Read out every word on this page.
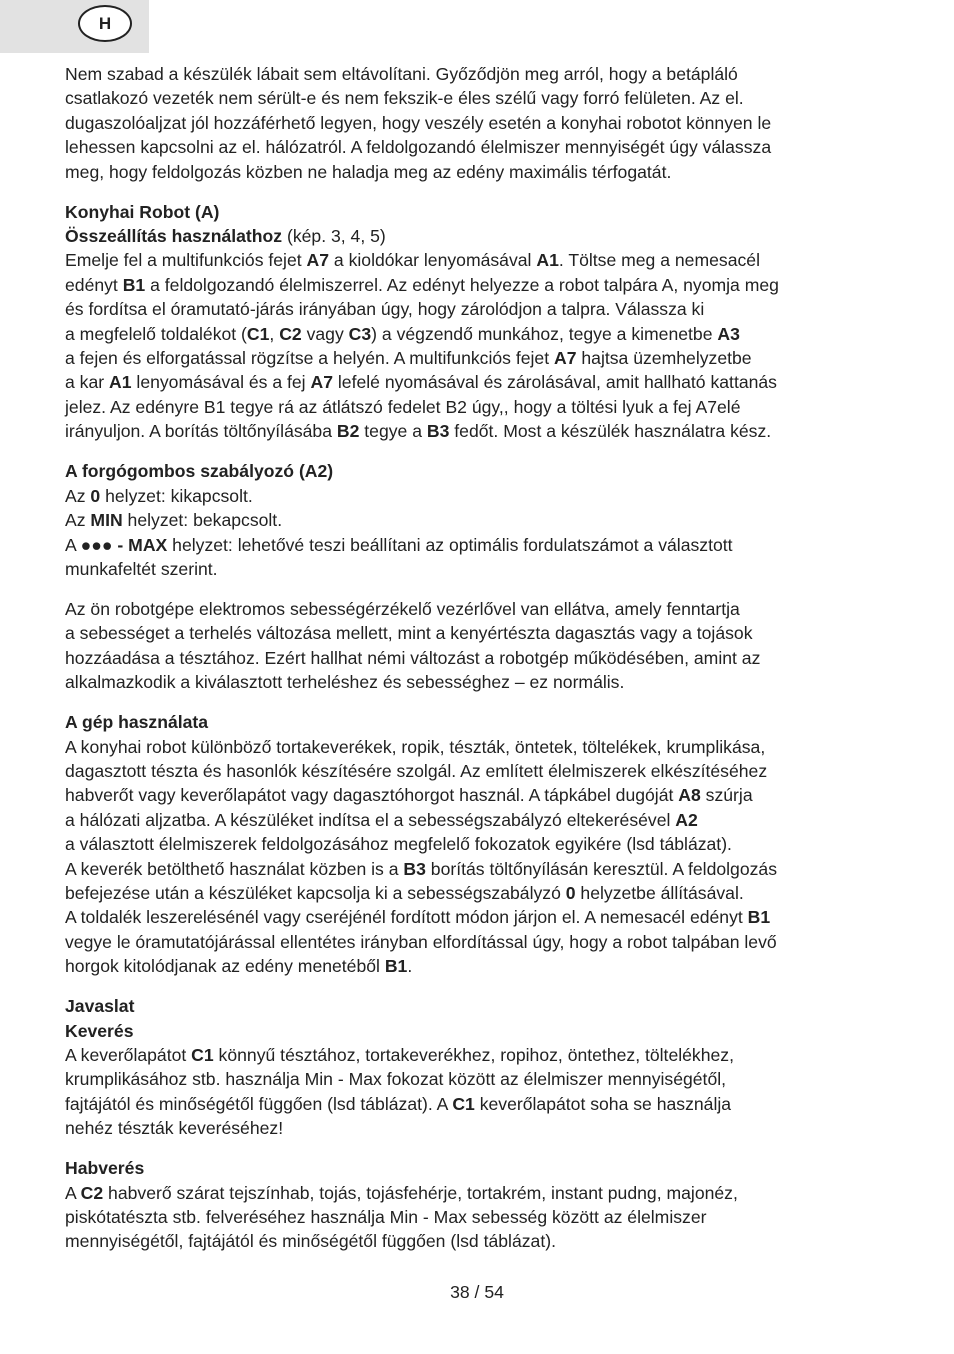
H

Nem szabad a készülék lábait sem eltávolítani. Győződjön meg arról, hogy a betápláló
csatlakozó vezeték nem sérült-e és nem fekszik-e éles szélű vagy forró felületen. Az el.
dugaszolóaljzat jól hozzáférhető legyen, hogy veszély esetén a konyhai robotot könnyen le
lehessen kapcsolni az el. hálózatról. A feldolgozandó élelmiszer mennyiségét úgy válassza
meg, hogy feldolgozás közben ne haladja meg az edény maximális térfogatát.

Konyhai Robot (A)
Összeállítás használathoz (kép. 3, 4, 5)
Emelje fel a multifunkciós fejet A7 a kioldókar lenyomásával A1. Töltse meg a nemesacél
edényt B1 a feldolgozandó élelmiszerrel. Az edényt helyezze a robot talpára A, nyomja meg
és fordítsa el óramutató-járás irányában úgy, hogy zárolódjon a talpra. Válassza ki
a megfelelő toldalékot (C1, C2 vagy C3) a végzendő munkához, tegye a kimenetbe A3
a fejen és elforgatással rögzítse a helyén. A multifunkciós fejet A7 hajtsa üzemhelyzetbe
a kar A1 lenyomásával és a fej A7 lefelé nyomásával és zárolásával, amit hallható kattanás
jelez. Az edényre B1 tegye rá az átlátszó fedelet B2 úgy,, hogy a töltési lyuk a fej A7elé
irányuljon. A borítás töltőnyílásába B2 tegye a B3 fedőt. Most a készülék használatra kész.

A forgógombos szabályozó (A2)
Az 0 helyzet: kikapcsolt.
Az MIN helyzet: bekapcsolt.
A ●●● - MAX helyzet: lehetővé teszi beállítani az optimális fordulatszámot a választott
munkafeltét szerint.

Az ön robotgépe elektromos sebességérzékelő vezérlővel van ellátva, amely fenntartja
a sebességet a terhelés változása mellett, mint a kenyértészta dagasztás vagy a tojások
hozzáadása a tésztához. Ezért hallhat némi változást a robotgép működésében, amint az
alkalmazkodik a kiválasztott terheléshez és sebességhez – ez normális.

A gép használata
A konyhai robot különböző tortakeverékek, ropik, tészták, öntetek, töltelékek, krumplikása,
dagasztott tészta és hasonlók készítésére szolgál. Az említett élelmiszerek elkészítéséhez
habverőt vagy keverőlapátot vagy dagasztóhorgot használ. A tápkábel dugóját A8 szúrja
a hálózati aljzatba. A készüléket indítsa el a sebességszabályzó eltekerésével A2
a választott élelmiszerek feldolgozásához megfelelő fokozatok egyikére (lsd táblázat).
A keverék betölthető használat közben is a B3 borítás töltőnyílásán keresztül. A feldolgozás
befejezése után a készüléket kapcsolja ki a sebességszabályzó 0 helyzetbe állításával.
A toldalék leszerelésénél vagy cseréjénél fordított módon járjon el. A nemesacél edényt B1
vegye le óramutatójárással ellentétes irányban elfordítással úgy, hogy a robot talpában levő
horgok kitolódjanak az edény menetéből B1.

Javaslat
Keverés
A keverőlapátot C1 könnyű tésztához, tortakeverékhez, ropihoz, öntethez, töltelékhez,
krumplikásához stb. használja Min - Max fokozat között az élelmiszer mennyiségétől,
fajtájától és minőségétől függően (lsd táblázat). A C1 keverőlapátot soha se használja
nehéz tészták keveréséhez!

Habverés
A C2 habverő szárat tejszínhab, tojás, tojásfehérje, tortakrém, instant pudng, majonéz,
piskótatészta stb. felveréséhez használja Min - Max sebesség között az élelmiszer
mennyiségétől, fajtájától és minőségétől függően (lsd táblázat).

38 / 54
